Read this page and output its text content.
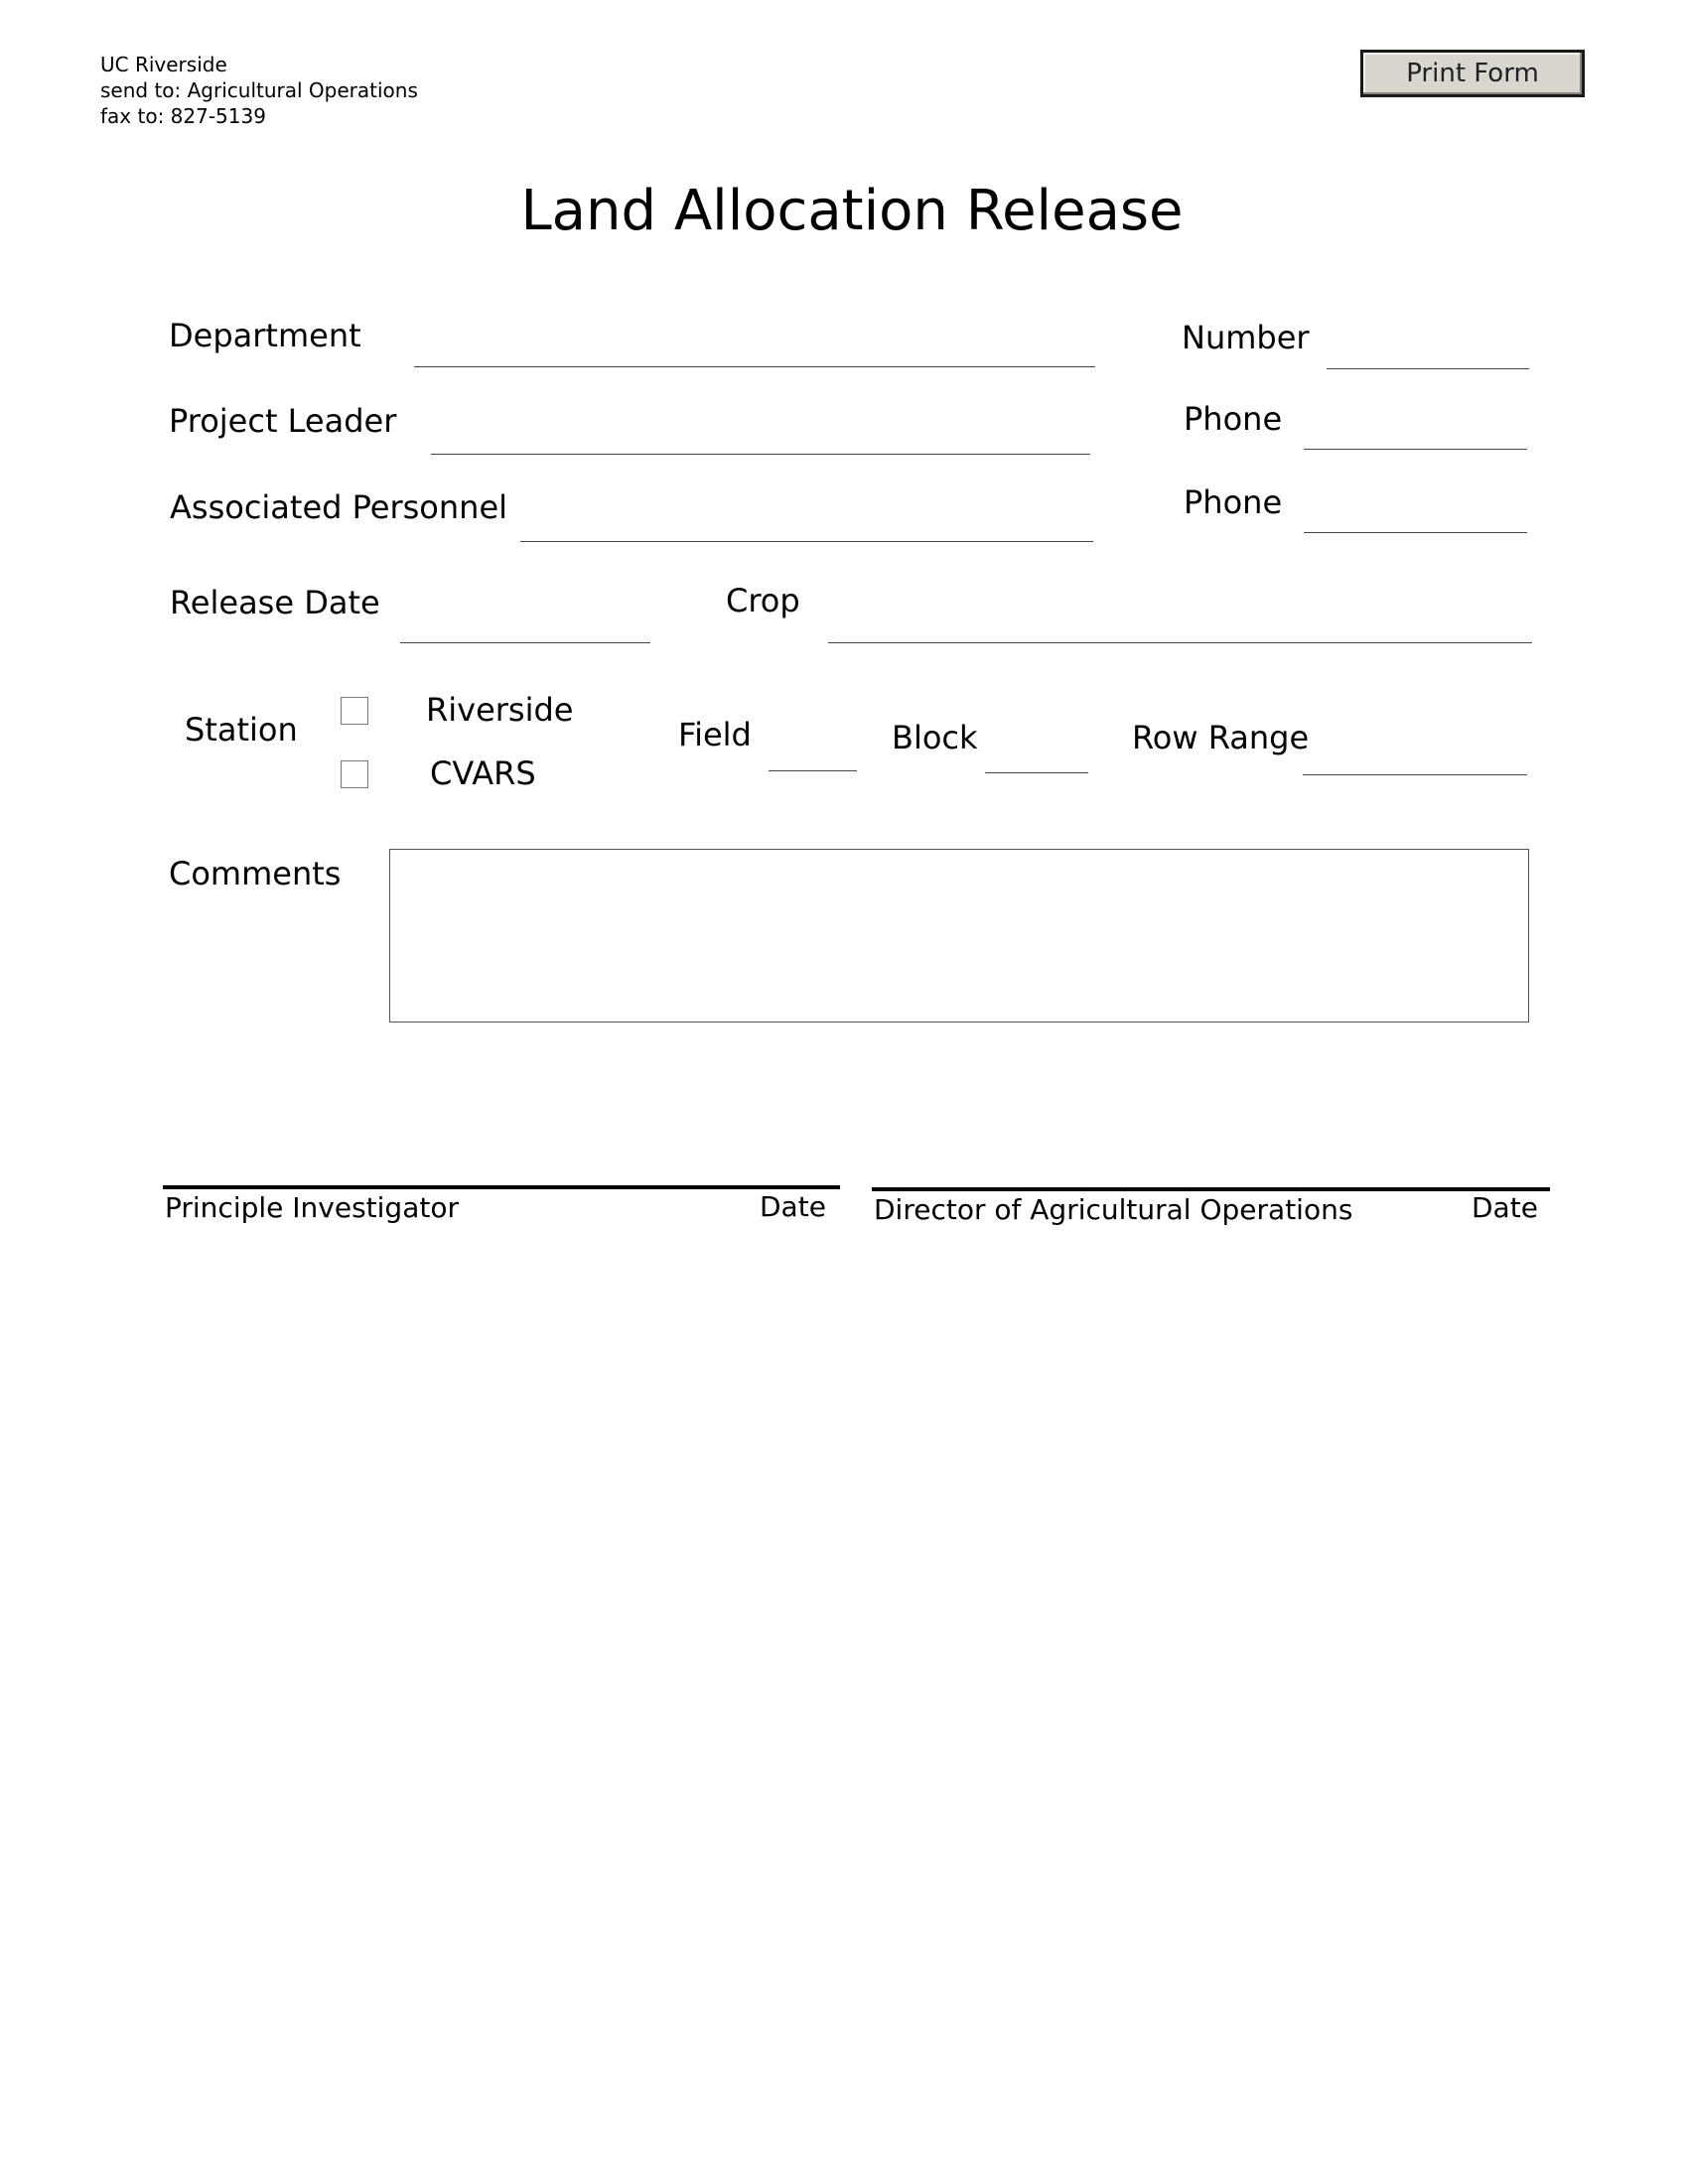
UC Riverside
send to: Agricultural Operations
fax to: 827-5139
Print Form
Land Allocation Release
Department	Number
Project Leader	Phone
Associated Personnel	Phone
Release Date	Crop
Station
Riverside
CVARS
Field	Block	Row Range
Comments
Principle Investigator	Date Director of Agricultural Operations	Date
